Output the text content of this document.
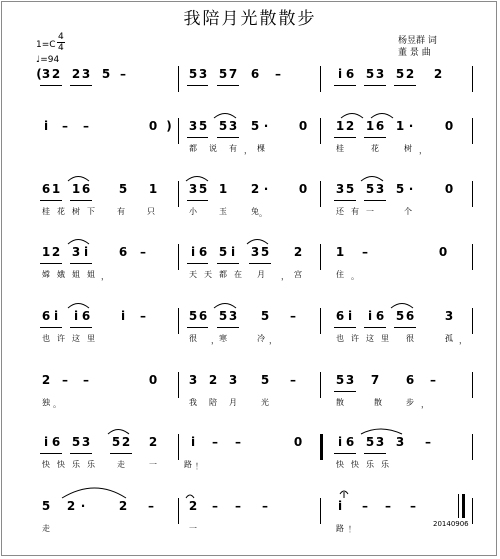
我陪月光散散步
1=C
4
4
♩=94
杨昱群 词
董 景 曲
20140906
( 3 2 2 3 5 –	5 3 5 7 6 –	i 6 5 3 5 2 2
i – –	0 ) 3 5 5 3 5 ·	0 1 2 1 6 1 ·	0
都 说 有	棵	桂	花	树
6 1 1 6 5 1	3 5 1 2 ·	0 3 5 5 3 5 ·	0
桂 花 树 下	有	只	小	玉	兔	还 有 一	个
1 2 3 i	6 –	i 6 5 i 3 5 2	1 –	0
嫦 娥 姐 姐	天 天 都 在 月	宫	住
6 i i 6	i –	5 6 5 3 5 –	6 i i 6 5 6	3
也 许 这 里	很	寒	冷	也 许 这 里 很	孤
2 – –	0	3 2 3 5 –	5 3 7 6 –
独	我 陪 月	光	散	散	步
i 6 5 3 5 2 2	i – –	0	i 6 5 3 3 –
快 快 乐 乐	走	一	路	快 快 乐 乐
5 2 ·	2 –	2 – – –	i – – –
走	一	路
，	，
。
，	。
，
，
，	，
。	，
！
！
